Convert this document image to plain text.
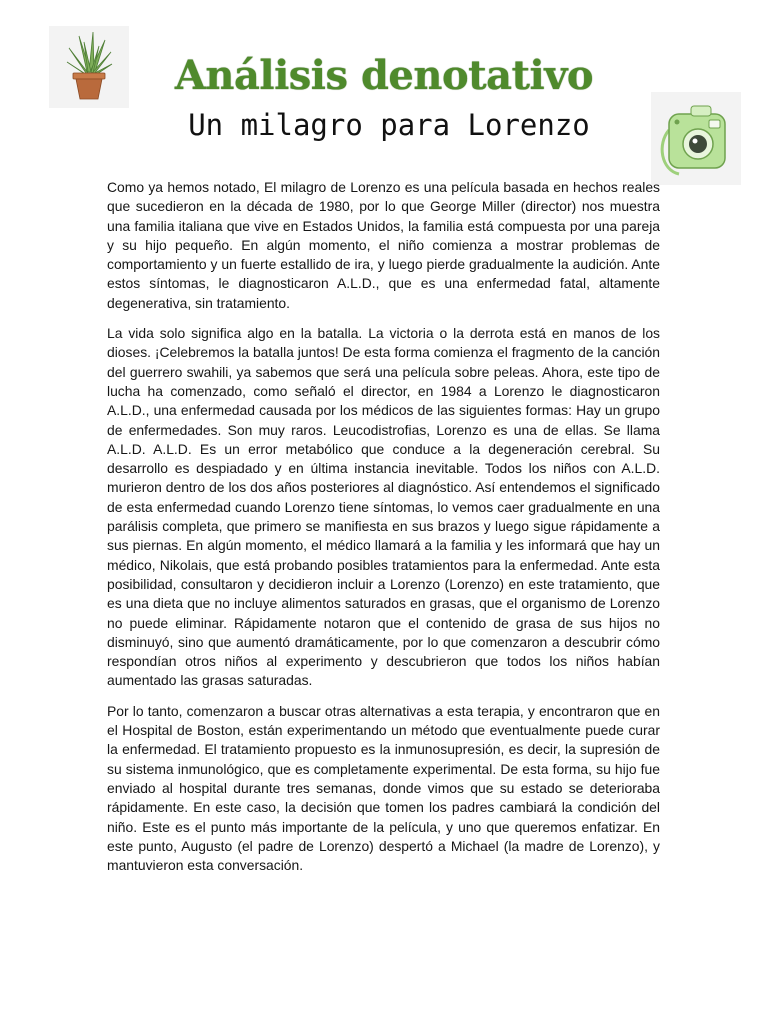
Análisis denotativo
Un milagro para Lorenzo

Como ya hemos notado, El milagro de Lorenzo es una película basada en hechos reales que sucedieron en la década de 1980, por lo que George Miller (director) nos muestra una familia italiana que vive en Estados Unidos, la familia está compuesta por una pareja y su hijo pequeño. En algún momento, el niño comienza a mostrar problemas de comportamiento y un fuerte estallido de ira, y luego pierde gradualmente la audición. Ante estos síntomas, le diagnosticaron A.L.D., que es una enfermedad fatal, altamente degenerativa, sin tratamiento.

La vida solo significa algo en la batalla. La victoria o la derrota está en manos de los dioses. ¡Celebremos la batalla juntos! De esta forma comienza el fragmento de la canción del guerrero swahili, ya sabemos que será una película sobre peleas. Ahora, este tipo de lucha ha comenzado, como señaló el director, en 1984 a Lorenzo le diagnosticaron A.L.D., una enfermedad causada por los médicos de las siguientes formas: Hay un grupo de enfermedades. Son muy raros. Leucodistrofias, Lorenzo es una de ellas. Se llama A.L.D. A.L.D. Es un error metabólico que conduce a la degeneración cerebral. Su desarrollo es despiadado y en última instancia inevitable. Todos los niños con A.L.D. murieron dentro de los dos años posteriores al diagnóstico. Así entendemos el significado de esta enfermedad cuando Lorenzo tiene síntomas, lo vemos caer gradualmente en una parálisis completa, que primero se manifiesta en sus brazos y luego sigue rápidamente a sus piernas. En algún momento, el médico llamará a la familia y les informará que hay un médico, Nikolais, que está probando posibles tratamientos para la enfermedad. Ante esta posibilidad, consultaron y decidieron incluir a Lorenzo (Lorenzo) en este tratamiento, que es una dieta que no incluye alimentos saturados en grasas, que el organismo de Lorenzo no puede eliminar. Rápidamente notaron que el contenido de grasa de sus hijos no disminuyó, sino que aumentó dramáticamente, por lo que comenzaron a descubrir cómo respondían otros niños al experimento y descubrieron que todos los niños habían aumentado las grasas saturadas.

Por lo tanto, comenzaron a buscar otras alternativas a esta terapia, y encontraron que en el Hospital de Boston, están experimentando un método que eventualmente puede curar la enfermedad. El tratamiento propuesto es la inmunosupresión, es decir, la supresión de su sistema inmunológico, que es completamente experimental. De esta forma, su hijo fue enviado al hospital durante tres semanas, donde vimos que su estado se deterioraba rápidamente. En este caso, la decisión que tomen los padres cambiará la condición del niño. Este es el punto más importante de la película, y uno que queremos enfatizar. En este punto, Augusto (el padre de Lorenzo) despertó a Michael (la madre de Lorenzo), y mantuvieron esta conversación.
